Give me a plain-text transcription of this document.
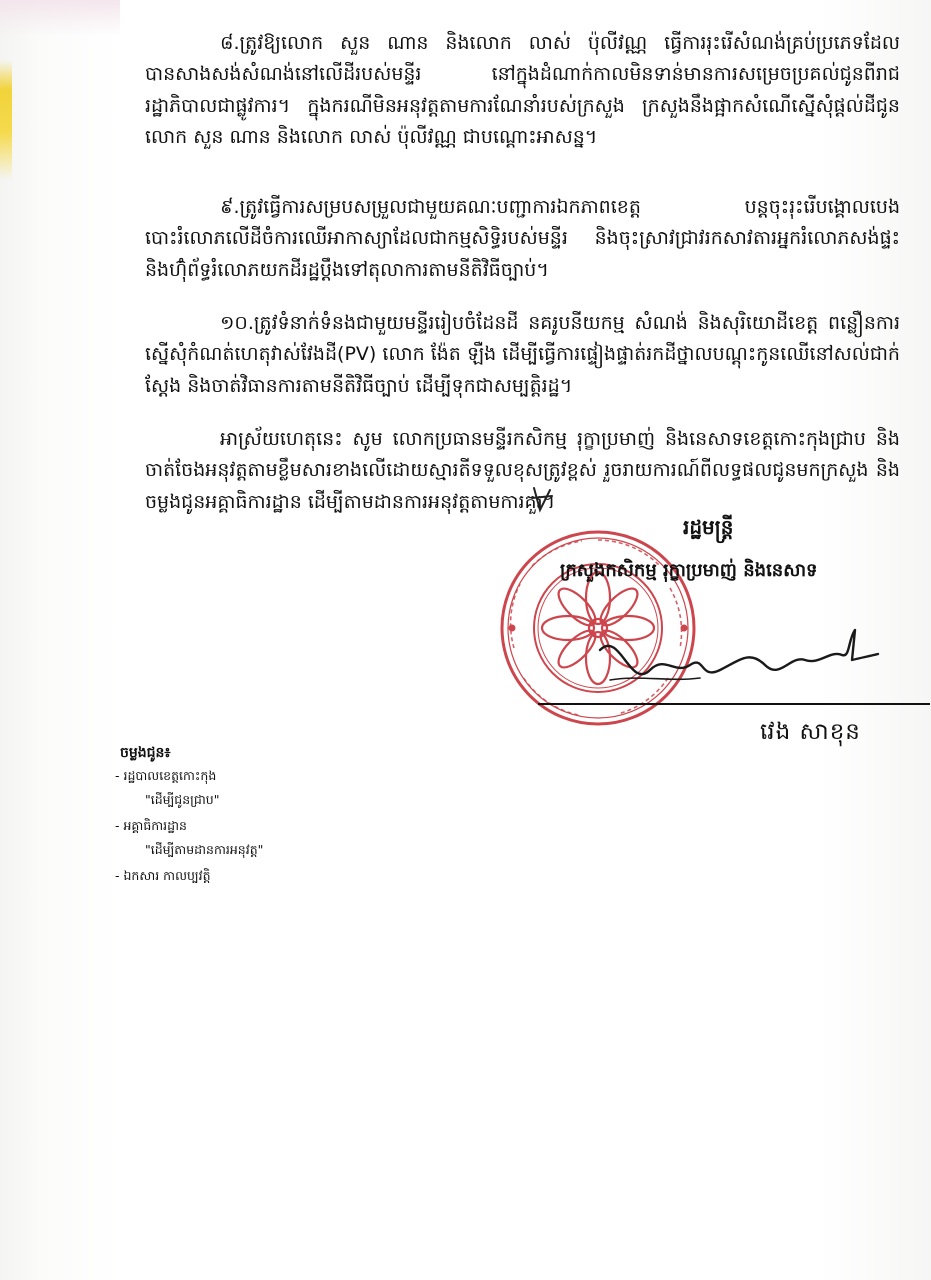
៨.ត្រូវឱ្យលោក សួន ណាន និងលោក លាស់ ប៉ុលីវណ្ណ ធ្វើការរុះរើសំណង់គ្រប់ប្រភេទដែលបានសាងសង់សំណង់នៅលើដីរបស់មន្ទីរ នៅក្នុងដំណាក់កាលមិនទាន់មានការសម្រេចប្រគល់ជូនពីរាជរដ្ឋាភិបាលជាផ្លូវការ។ ក្នុងករណីមិនអនុវត្តតាមការណែនាំរបស់ក្រសួង ក្រសួងនឹងផ្អាកសំណើស្នើសុំផ្តល់ដីជូនលោក សួន ណាន និងលោក លាស់ ប៉ុលីវណ្ណ ជាបណ្តោះអាសន្ន។

៩.ត្រូវធ្វើការសម្របសម្រួលជាមួយគណៈបញ្ជាការឯកភាពខេត្ត បន្តចុះរុះរើបង្គោលបេងបោះរំលោភលើដីចំការឈើអាកាស្យាដែលជាកម្មសិទ្ធិរបស់មន្ទីរ និងចុះស្រាវជ្រាវរកសាវតារអ្នករំលោភសង់ផ្ទះ និងហ៊ុំព័ទ្ធរំលោភយកដីរដ្ឋប្តឹងទៅតុលាការតាមនីតិវិធីច្បាប់។

១០.ត្រូវទំនាក់ទំនងជាមួយមន្ទីររៀបចំដែនដី នគរូបនីយកម្ម សំណង់ និងសុរិយោដីខេត្ត ពន្លឿនការស្នើសុំកំណត់ហេតុវាស់វែងដី(PV) លោក ង៉ែត ឡឺង ដើម្បីធ្វើការផ្ទៀងផ្ទាត់រកដីថ្នាលបណ្តុះកូនឈើនៅសល់ជាក់ស្តែង និងចាត់វិធានការតាមនីតិវិធីច្បាប់ ដើម្បីទុកជាសម្បត្តិរដ្ឋ។

អាស្រ័យហេតុនេះ សូម លោកប្រធានមន្ទីរកសិកម្ម រុក្ខាប្រមាញ់ និងនេសាទខេត្តកោះកុងជ្រាប និងចាត់ចែងអនុវត្តតាមខ្លឹមសារខាងលើដោយស្មារតីទទួលខុសត្រូវខ្ពស់ រួចរាយការណ៍ពីលទ្ធផលជូនមកក្រសួង និងចម្លងជូនអគ្គាធិការដ្ឋាន ដើម្បីតាមដានការអនុវត្តតាមការគួរ។

រដ្ឋមន្ត្រី
ក្រសួងកសិកម្ម រុក្ខាប្រមាញ់ និងនេសាទ
វេង សាខុន
ចម្លងជូន៖
- រដ្ឋបាលខេត្តកោះកុង
"ដើម្បីជូនជ្រាប"
- អគ្គាធិការដ្ឋាន
"ដើម្បីតាមដានការអនុវត្ត"
- ឯកសារ កាលប្បវត្តិ
